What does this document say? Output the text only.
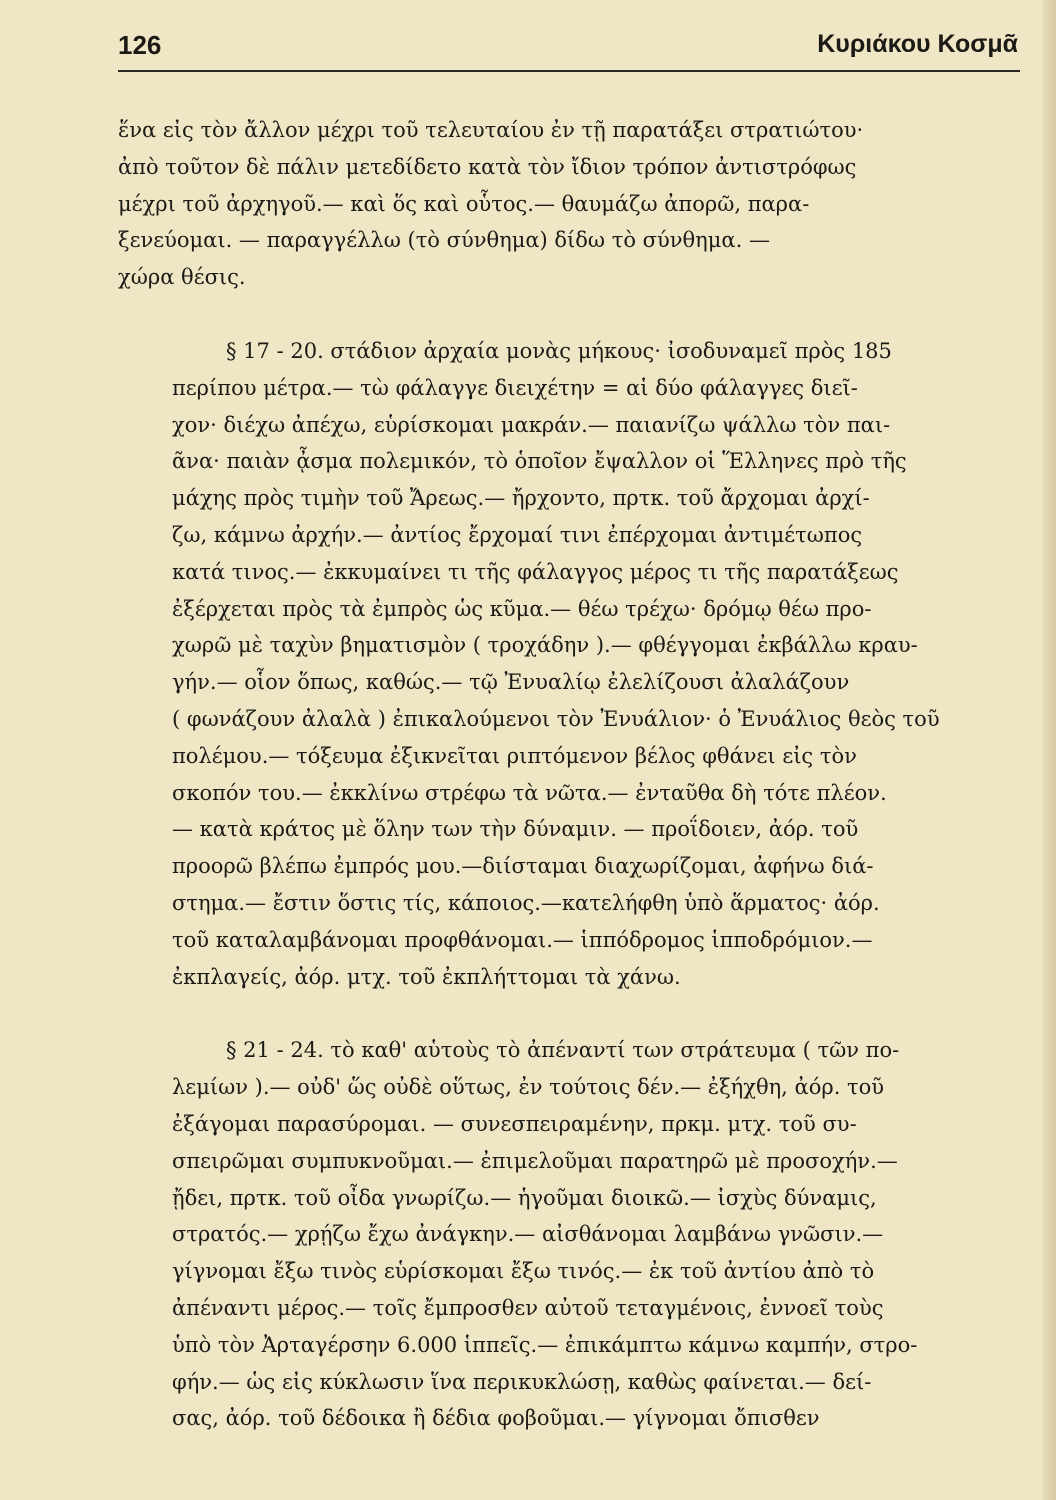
126	Κυριάκου Κοσμᾶ
ἕνα εἰς τὸν ἄλλον μέχρι τοῦ τελευταίου ἐν τῇ παρατάξει στρατιώτου·
ἀπὸ τοῦτον δὲ πάλιν μετεδίδετο κατὰ τὸν ἴδιον τρόπον ἀντιστρόφως
μέχρι τοῦ ἀρχηγοῦ.— καὶ ὅς καὶ οὗτος.— θαυμάζω ἀπορῶ, παρα-
ξενεύομαι. — παραγγέλλω (τὸ σύνθημα) δίδω τὸ σύνθημα. —
χώρα θέσις.
§ 17 - 20. στάδιον ἀρχαία μονὰς μήκους· ἰσοδυναμεῖ πρὸς 185
περίπου μέτρα.— τὼ φάλαγγε διειχέτην = αἱ δύο φάλαγγες διεῖ-
χον· διέχω ἀπέχω, εὑρίσκομαι μακράν.— παιανίζω ψάλλω τὸν παι-
ᾶνα· παιὰν ᾆσμα πολεμικόν, τὸ ὁποῖον ἔψαλλον οἱ Ἕλληνες πρὸ τῆς
μάχης πρὸς τιμὴν τοῦ Ἄρεως.— ἤρχοντο, πρτκ. τοῦ ἄρχομαι ἀρχί-
ζω, κάμνω ἀρχήν.— ἀντίος ἔρχομαί τινι ἐπέρχομαι ἀντιμέτωπος
κατά τινος.— ἐκκυμαίνει τι τῆς φάλαγγος μέρος τι τῆς παρατάξεως
ἐξέρχεται πρὸς τὰ ἐμπρὸς ὡς κῦμα.— θέω τρέχω· δρόμῳ θέω προ-
χωρῶ μὲ ταχὺν βηματισμὸν ( τροχάδην ).— φθέγγομαι ἐκβάλλω κραυ-
γήν.— οἷον ὅπως, καθώς.— τῷ Ἐνυαλίῳ ἐλελίζουσι ἀλαλάζουν
( φωνάζουν ἀλαλὰ ) ἐπικαλούμενοι τὸν Ἐνυάλιον· ὁ Ἐνυάλιος θεὸς τοῦ
πολέμου.— τόξευμα ἐξικνεῖται ριπτόμενον βέλος φθάνει εἰς τὸν
σκοπόν του.— ἐκκλίνω στρέφω τὰ νῶτα.— ἐνταῦθα δὴ τότε πλέον.
— κατὰ κράτος μὲ ὅλην των τὴν δύναμιν. — προΐδοιεν, ἀόρ. τοῦ
προορῶ βλέπω ἐμπρός μου.—διίσταμαι διαχωρίζομαι, ἀφήνω διά-
στημα.— ἔστιν ὅστις τίς, κάποιος.—κατελήφθη ὑπὸ ἅρματος· ἀόρ.
τοῦ καταλαμβάνομαι προφθάνομαι.— ἱππόδρομος ἱπποδρόμιον.—
ἐκπλαγείς, ἀόρ. μτχ. τοῦ ἐκπλήττομαι τὰ χάνω.
§ 21 - 24. τὸ καθ' αὑτοὺς τὸ ἀπέναντί των στράτευμα ( τῶν πο-
λεμίων ).— οὐδ' ὥς οὐδὲ οὕτως, ἐν τούτοις δέν.— ἐξήχθη, ἀόρ. τοῦ
ἐξάγομαι παρασύρομαι. — συνεσπειραμένην, πρκμ. μτχ. τοῦ συ-
σπειρῶμαι συμπυκνοῦμαι.— ἐπιμελοῦμαι παρατηρῶ μὲ προσοχήν.—
ᾔδει, πρτκ. τοῦ οἶδα γνωρίζω.— ἡγοῦμαι διοικῶ.— ἰσχὺς δύναμις,
στρατός.— χρῄζω ἔχω ἀνάγκην.— αἰσθάνομαι λαμβάνω γνῶσιν.—
γίγνομαι ἔξω τινὸς εὑρίσκομαι ἔξω τινός.— ἐκ τοῦ ἀντίου ἀπὸ τὸ
ἀπέναντι μέρος.— τοῖς ἔμπροσθεν αὐτοῦ τεταγμένοις, ἐννοεῖ τοὺς
ὑπὸ τὸν Ἀρταγέρσην 6.000 ἱππεῖς.— ἐπικάμπτω κάμνω καμπήν, στρο-
φήν.— ὡς εἰς κύκλωσιν ἵνα περικυκλώσῃ, καθὼς φαίνεται.— δεί-
σας, ἀόρ. τοῦ δέδοικα ἢ δέδια φοβοῦμαι.— γίγνομαι ὄπισθεν
